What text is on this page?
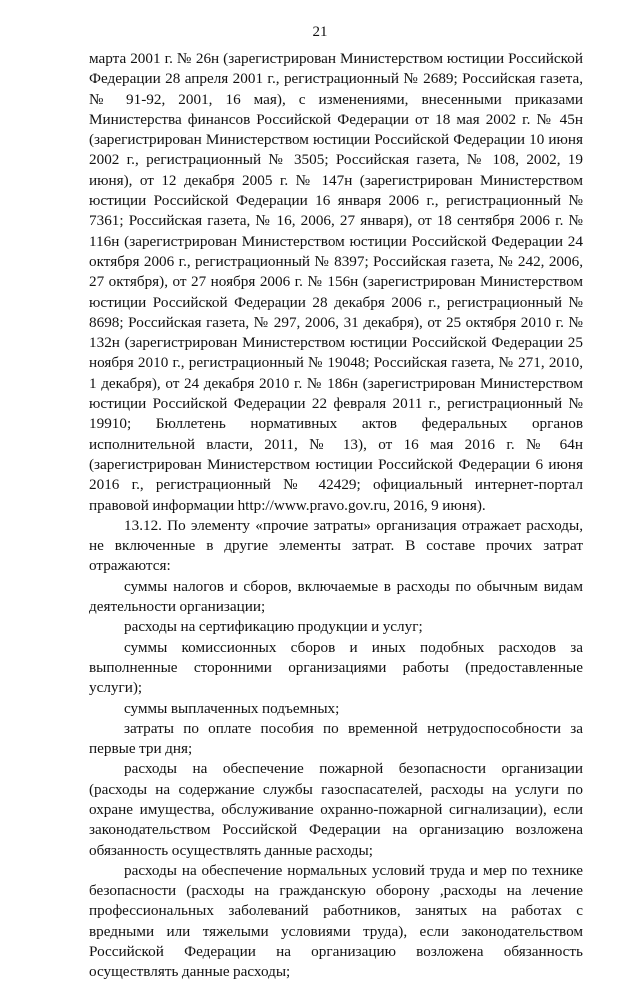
21

марта 2001 г. № 26н (зарегистрирован Министерством юстиции Российской Федерации 28 апреля 2001 г., регистрационный № 2689; Российская газета, № 91-92, 2001, 16 мая), с изменениями, внесенными приказами Министерства финансов Российской Федерации от 18 мая 2002 г. № 45н (зарегистрирован Министерством юстиции Российской Федерации 10 июня 2002 г., регистрационный № 3505; Российская газета, № 108, 2002, 19 июня), от 12 декабря 2005 г. № 147н (зарегистрирован Министерством юстиции Российской Федерации 16 января 2006 г., регистрационный № 7361; Российская газета, № 16, 2006, 27 января), от 18 сентября 2006 г. № 116н (зарегистрирован Министерством юстиции Российской Федерации 24 октября 2006 г., регистрационный № 8397; Российская газета, № 242, 2006, 27 октября), от 27 ноября 2006 г. № 156н (зарегистрирован Министерством юстиции Российской Федерации 28 декабря 2006 г., регистрационный № 8698; Российская газета, № 297, 2006, 31 декабря), от 25 октября 2010 г. № 132н (зарегистрирован Министерством юстиции Российской Федерации 25 ноября 2010 г., регистрационный № 19048; Российская газета, № 271, 2010, 1 декабря), от 24 декабря 2010 г. № 186н (зарегистрирован Министерством юстиции Российской Федерации 22 февраля 2011 г., регистрационный № 19910; Бюллетень нормативных актов федеральных органов исполнительной власти, 2011, № 13), от 16 мая 2016 г. № 64н (зарегистрирован Министерством юстиции Российской Федерации 6 июня 2016 г., регистрационный № 42429; официальный интернет-портал правовой информации http://www.pravo.gov.ru, 2016, 9 июня).

13.12. По элементу «прочие затраты» организация отражает расходы, не включенные в другие элементы затрат. В составе прочих затрат отражаются:

суммы налогов и сборов, включаемые в расходы по обычным видам деятельности организации;

расходы на сертификацию продукции и услуг;

суммы комиссионных сборов и иных подобных расходов за выполненные сторонними организациями работы (предоставленные услуги);

суммы выплаченных подъемных;

затраты по оплате пособия по временной нетрудоспособности за первые три дня;

расходы на обеспечение пожарной безопасности организации (расходы на содержание службы газоспасателей, расходы на услуги по охране имущества, обслуживание охранно-пожарной сигнализации), если законодательством Российской Федерации на организацию возложена обязанность осуществлять данные расходы;

расходы на обеспечение нормальных условий труда и мер по технике безопасности (расходы на гражданскую оборону ,расходы на лечение профессиональных заболеваний работников, занятых на работах с вредными или тяжелыми условиями труда), если законодательством Российской Федерации на организацию возложена обязанность осуществлять данные расходы;
